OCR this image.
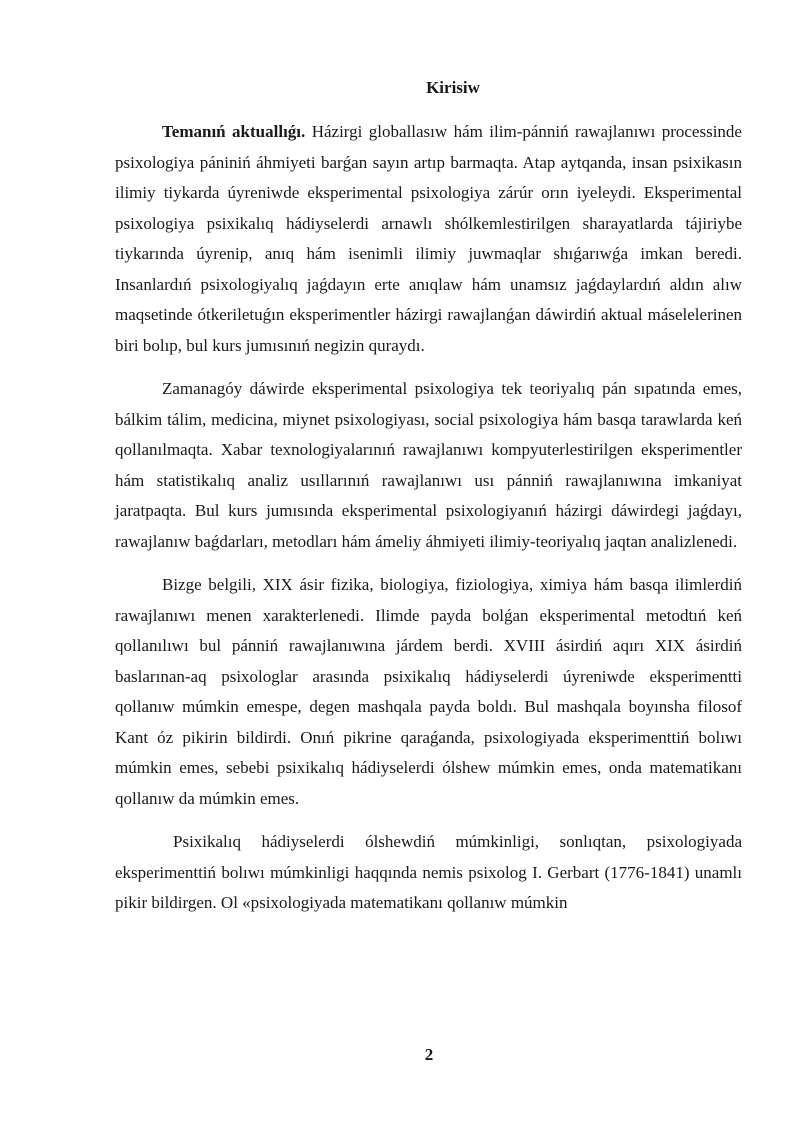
Kirisiw

Temanıń aktuallıǵı. Házirgi globallasıw hám ilim-pánniń rawajlanıwı processinde psixologiya pániniń áhmiyeti barǵan sayın artıp barmaqta. Atap aytqanda, insan psixikasın ilimiy tiykarda úyreniwde eksperimental psixologiya zárúr orın iyeleydi. Eksperimental psixologiya psixikalıq hádiyselerdi arnawlı shólkemlestirilgen sharayatlarda tájiriybe tiykarında úyrenip, anıq hám isenimli ilimiy juwmaqlar shıǵarıwǵa imkan beredi. Insanlardıń psixologiyalıq jaǵdayın erte anıqlaw hám unamsız jaǵdaylardıń aldın alıw maqsetinde ótkeriletuǵın eksperimentler házirgi rawajlanǵan dáwirdiń aktual máselelerinen biri bolıp, bul kurs jumısınıń negizin quraydı.

Zamanagóy dáwirde eksperimental psixologiya tek teoriyalıq pán sıpatında emes, bálkim tálim, medicina, miynet psixologiyası, social psixologiya hám basqa tarawlarda keń qollanılmaqta. Xabar texnologiyalarınıń rawajlanıwı kompyuterlestirilgen eksperimentler hám statistikalıq analiz usıllarınıń rawajlanıwı usı pánniń rawajlanıwına imkaniyat jaratpaqta. Bul kurs jumısında eksperimental psixologiyanıń házirgi dáwirdegi jaǵdayı, rawajlanıw baǵdarları, metodları hám ámeliy áhmiyeti ilimiy-teoriyalıq jaqtan analizlenedi.

Bizge belgili, XIX ásir fizika, biologiya, fiziologiya, ximiya hám basqa ilimlerdiń rawajlanıwı menen xarakterlenedi. Ilimde payda bolǵan eksperimental metodtıń keń qollanılıwı bul pánniń rawajlanıwına járdem berdi. XVIII ásirdiń aqırı XIX ásirdiń baslarınan-aq psixologlar arasında psixikalıq hádiyselerdi úyreniwde eksperimentti qollanıw múmkin emespe, degen mashqala payda boldı. Bul mashqala boyınsha filosof Kant óz pikirin bildirdi. Onıń pikrine qaraǵanda, psixologiyada eksperimenttiń bolıwı múmkin emes, sebebi psixikalıq hádiyselerdi ólshew múmkin emes, onda matematikanı qollanıw da múmkin emes.

Psixikalıq hádiyselerdi ólshewdiń múmkinligi, sonlıqtan, psixologiyada eksperimenttiń bolıwı múmkinligi haqqında nemis psixolog I. Gerbart (1776-1841) unamlı pikir bildirgen. Ol «psixologiyada matematikanı qollanıw múmkin

2
